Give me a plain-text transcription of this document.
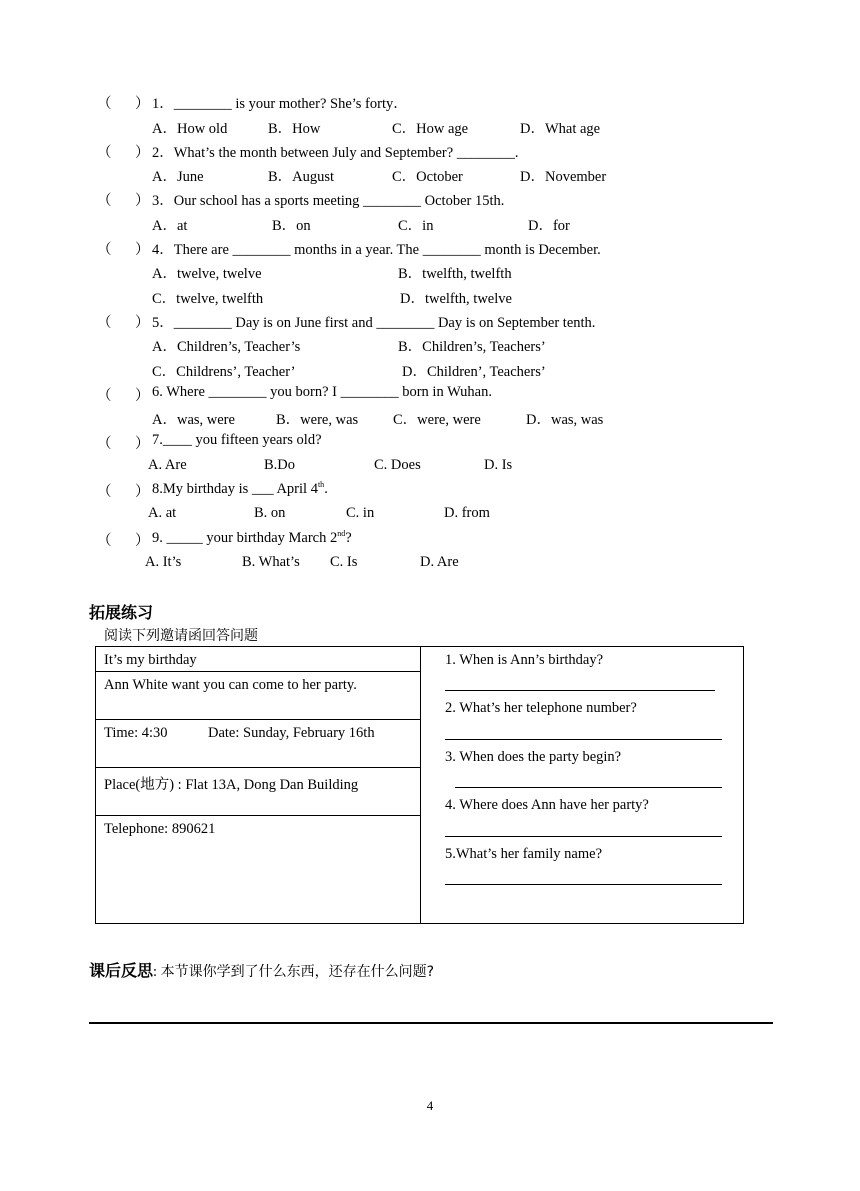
（ ） 1．________ is your mother? She’s forty．
A．How old	B．How	C．How age	D．What age
（ ） 2．What’s the month between July and September? ________.
A．June	B．August	C．October	D．November
（ ） 3．Our school has a sports meeting ________ October 15th.
A．at	B．on	C．in	D．for
（ ） 4．There are ________ months in a year. The ________ month is December.
A．twelve, twelve	B．twelfth, twelfth
C．twelve, twelfth	D．twelfth, twelve
（ ） 5．________ Day is on June first and ________ Day is on September tenth.
A．Children’s, Teacher’s	B．Children’s, Teachers’
C．Childrens’, Teacher’	D．Children’, Teachers’
（ ） 6. Where ________ you born? I ________ born in Wuhan.
A．was, were	B．were, was C．were, were	D．was, was
（ ） 7.____ you fifteen years old?
A. Are	B.Do	C. Does	D. Is
（ ） 8.My birthday is ___ April 4th.
A. at	B. on	C. in	D. from
（ ） 9. _____ your birthday March 2nd?
A. It’s	B. What’s C. Is	D. Are
拓展练习
阅读下列邀请函回答问题
It’s my birthday
Ann White want you can come to her party.
Time: 4:30	Date: Sunday, February 16th
Place(地方) : Flat 13A, Dong Dan Building
Telephone: 890621
1. When is Ann’s birthday?
2. What’s her telephone number?
3. When does the party begin?
4. Where does Ann have her party?
5.What’s her family name?
课后反思: 本节课你学到了什么东西，还存在什么问题?
4
